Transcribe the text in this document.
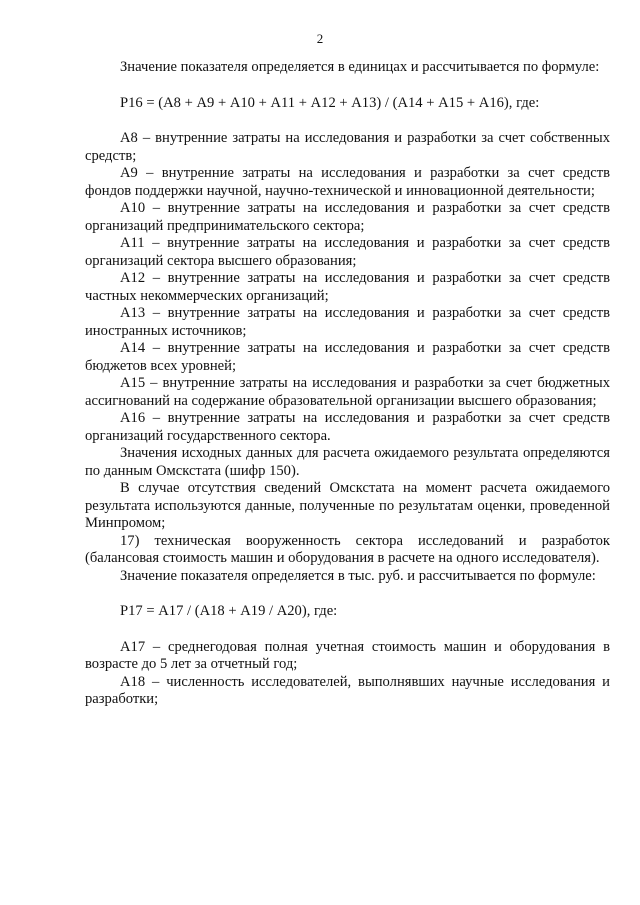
2

Значение показателя определяется в единицах и рассчитывается по формуле:

Р16 = (А8 + А9 + А10 + А11 + А12 + А13) / (А14 + А15 + А16), где:

А8 – внутренние затраты на исследования и разработки за счет собственных средств;

А9 – внутренние затраты на исследования и разработки за счет средств фондов поддержки научной, научно-технической и инновационной деятельности;

А10 – внутренние затраты на исследования и разработки за счет средств организаций предпринимательского сектора;

А11 – внутренние затраты на исследования и разработки за счет средств организаций сектора высшего образования;

А12 – внутренние затраты на исследования и разработки за счет средств частных некоммерческих организаций;

А13 – внутренние затраты на исследования и разработки за счет средств иностранных источников;

А14 – внутренние затраты на исследования и разработки за счет средств бюджетов всех уровней;

А15 – внутренние затраты на исследования и разработки за счет бюджетных ассигнований на содержание образовательной организации высшего образования;

А16 – внутренние затраты на исследования и разработки за счет средств организаций государственного сектора.

Значения исходных данных для расчета ожидаемого результата определяются по данным Омскстата (шифр 150).

В случае отсутствия сведений Омскстата на момент расчета ожидаемого результата используются данные, полученные по результатам оценки, проведенной Минпромом;

17) техническая вооруженность сектора исследований и разработок (балансовая стоимость машин и оборудования в расчете на одного исследователя).

Значение показателя определяется в тыс. руб. и рассчитывается по формуле:

Р17 = А17 / (А18 + А19 / А20), где:

А17 – среднегодовая полная учетная стоимость машин и оборудования в возрасте до 5 лет за отчетный год;

А18 – численность исследователей, выполнявших научные исследования и разработки;
